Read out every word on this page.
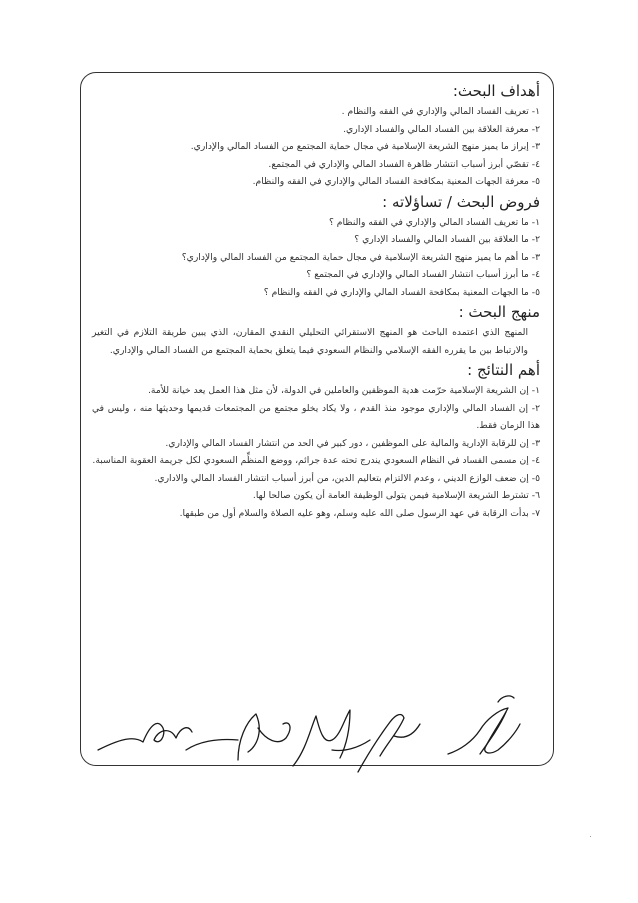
أهداف البحث:

١- تعريف الفساد المالي والإداري في الفقه والنظام .

٢- معرفة العلاقة بين الفساد المالي والفساد الإداري.

٣- إبراز ما يميز منهج الشريعة الإسلامية في مجال حماية المجتمع من الفساد المالي والإداري.

٤- تقصّي أبرز أسباب انتشار ظاهرة الفساد المالي والإداري في المجتمع.

٥- معرفة الجهات المعنية بمكافحة الفساد المالي والإداري في الفقه والنظام.

فروض البحث / تساؤلاته :

١- ما تعريف الفساد المالي والإداري في الفقه والنظام ؟

٢- ما العلاقة بين الفساد المالي والفساد الإداري ؟

٣- ما أهم ما يميز منهج الشريعة الإسلامية في مجال حماية المجتمع من الفساد المالي والإداري؟

٤- ما أبرز أسباب انتشار الفساد المالي والإداري في المجتمع ؟

٥- ما الجهات المعنية بمكافحة الفساد المالي والإداري في الفقه والنظام ؟

منهج البحث :

المنهج الذي اعتمده الباحث هو المنهج الاستقرائي التحليلي النقدي المقارن، الذي يبين طريقة التلازم في التغير والارتباط بين ما يقرره الفقه الإسلامي والنظام السعودي فيما يتعلق بحماية المجتمع من الفساد المالي والإداري.

أهم النتائج :

١- إن الشريعة الإسلامية حرّمت هدية الموظفين والعاملين في الدولة، لأن مثل هذا العمل يعد خيانة للأمة.

٢- إن الفساد المالي والإداري موجود منذ القدم ، ولا يكاد يخلو مجتمع من المجتمعات قديمها وحديثها منه ، وليس في هذا الزمان فقط.

٣- إن للرقابة الإدارية والمالية على الموظفين ، دور كبير في الحد من انتشار الفساد المالي والإداري.

٤- إن مسمى الفساد في النظام السعودي يندرج تحته عدة جرائم، ووضع المنظِّم السعودي لكل جريمة العقوبة المناسبة.

٥- إن ضعف الوازع الديني ، وعدم الالتزام بتعاليم الدين، من أبرز أسباب انتشار الفساد المالي والاداري.

٦- تشترط الشريعة الإسلامية فيمن يتولى الوظيفة العامة أن يكون صالحا لها.

٧- بدأت الرقابة في عهد الرسول صلى الله عليه وسلم، وهو عليه الصلاة والسلام أول من طبقها.
